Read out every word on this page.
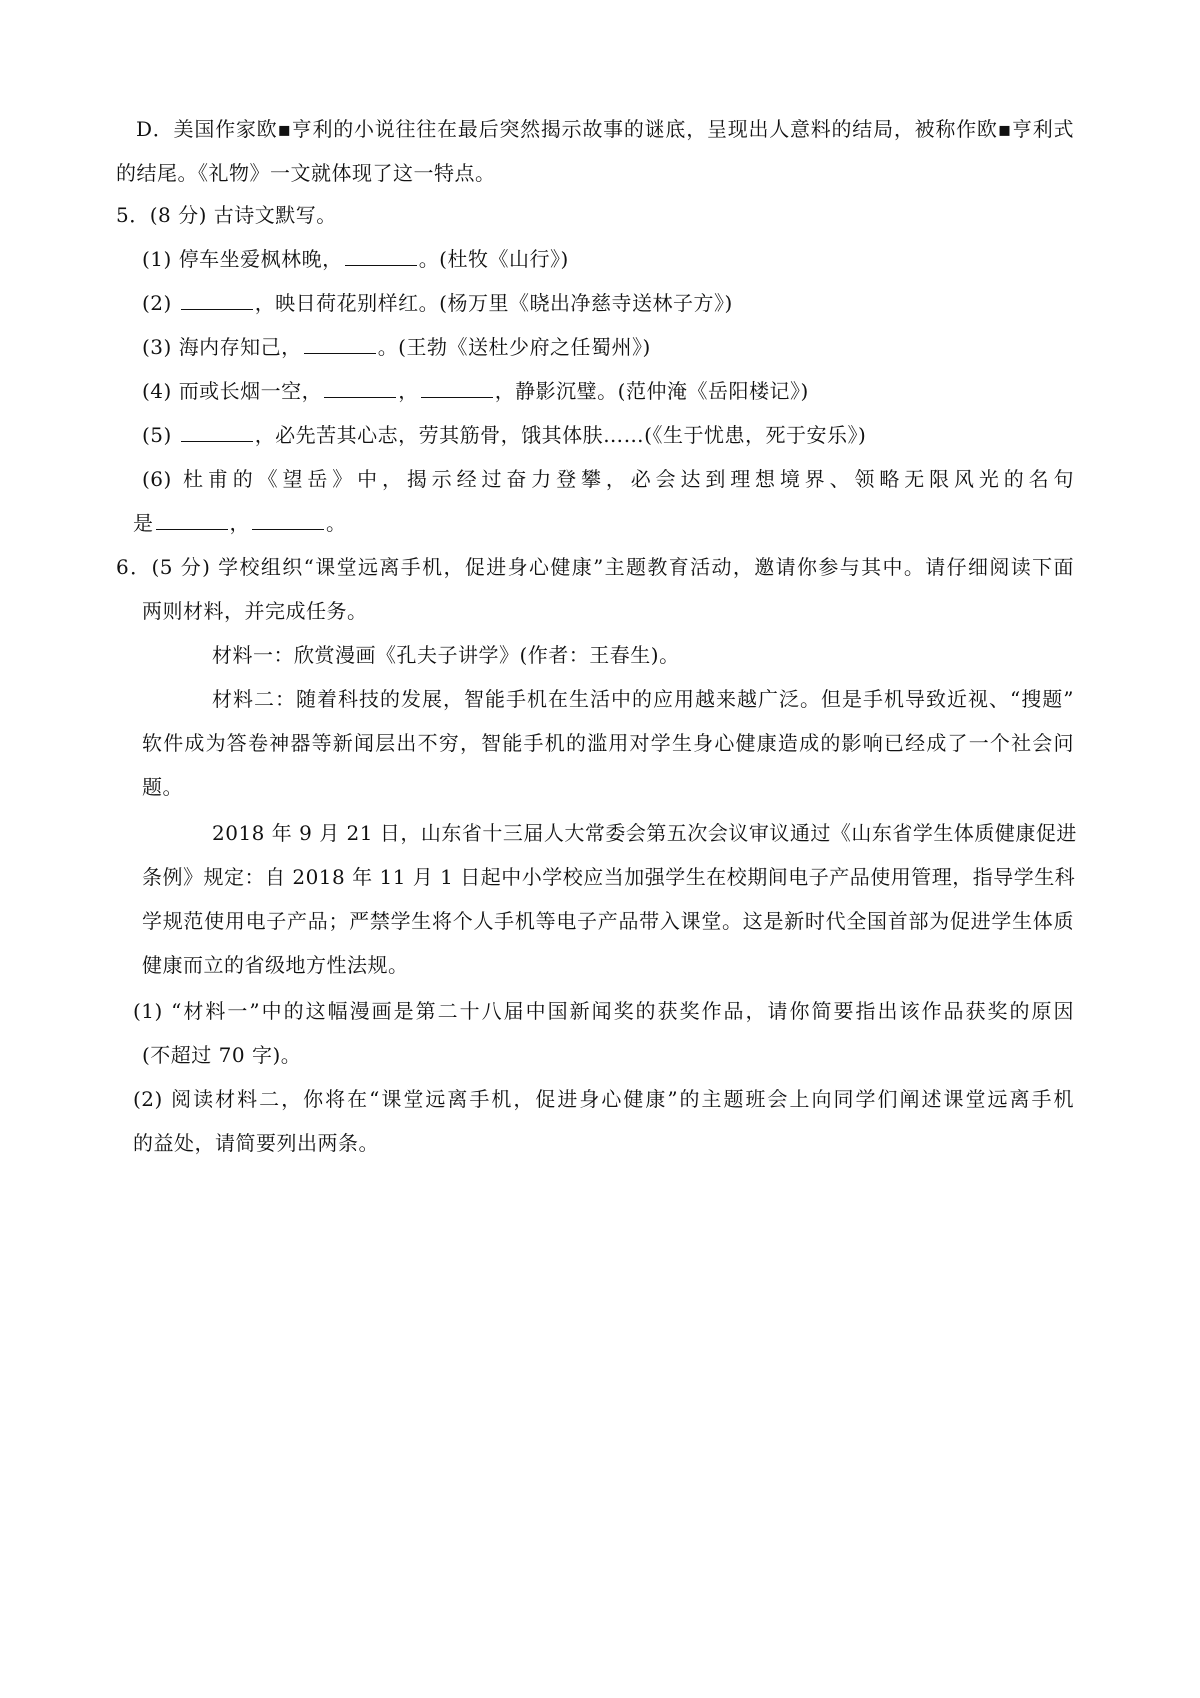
D．美国作家欧▪亨利的小说往往在最后突然揭示故事的谜底，呈现出人意料的结局，被称作欧▪亨利式
的结尾。《礼物》一文就体现了这一特点。
5．(8 分) 古诗文默写。
(1) 停车坐爱枫林晚，	。(杜牧《山行》)
(2)	，映日荷花别样红。(杨万里《晓出净慈寺送林子方》)
(3) 海内存知己，	。(王勃《送杜少府之任蜀州》)
(4) 而或长烟一空，	，	，静影沉璧。(范仲淹《岳阳楼记》)
(5)	，必先苦其心志，劳其筋骨，饿其体肤……(《生于忧患，死于安乐》)
(6) 杜甫的《望岳》中，揭示经过奋力登攀，必会达到理想境界、领略无限风光的名句
是	，	。
6．(5 分) 学校组织“课堂远离手机，促进身心健康”主题教育活动，邀请你参与其中。请仔细阅读下面
两则材料，并完成任务。
材料一：欣赏漫画《孔夫子讲学》(作者：王春生)。
材料二：随着科技的发展，智能手机在生活中的应用越来越广泛。但是手机导致近视、“搜题”
软件成为答卷神器等新闻层出不穷，智能手机的滥用对学生身心健康造成的影响已经成了一个社会问
题。
2018 年 9 月 21 日，山东省十三届人大常委会第五次会议审议通过《山东省学生体质健康促进
条例》规定：自 2018 年 11 月 1 日起中小学校应当加强学生在校期间电子产品使用管理，指导学生科
学规范使用电子产品；严禁学生将个人手机等电子产品带入课堂。这是新时代全国首部为促进学生体质
健康而立的省级地方性法规。
(1) “材料一”中的这幅漫画是第二十八届中国新闻奖的获奖作品，请你简要指出该作品获奖的原因
(不超过 70 字)。
(2) 阅读材料二，你将在“课堂远离手机，促进身心健康”的主题班会上向同学们阐述课堂远离手机
的益处，请简要列出两条。
